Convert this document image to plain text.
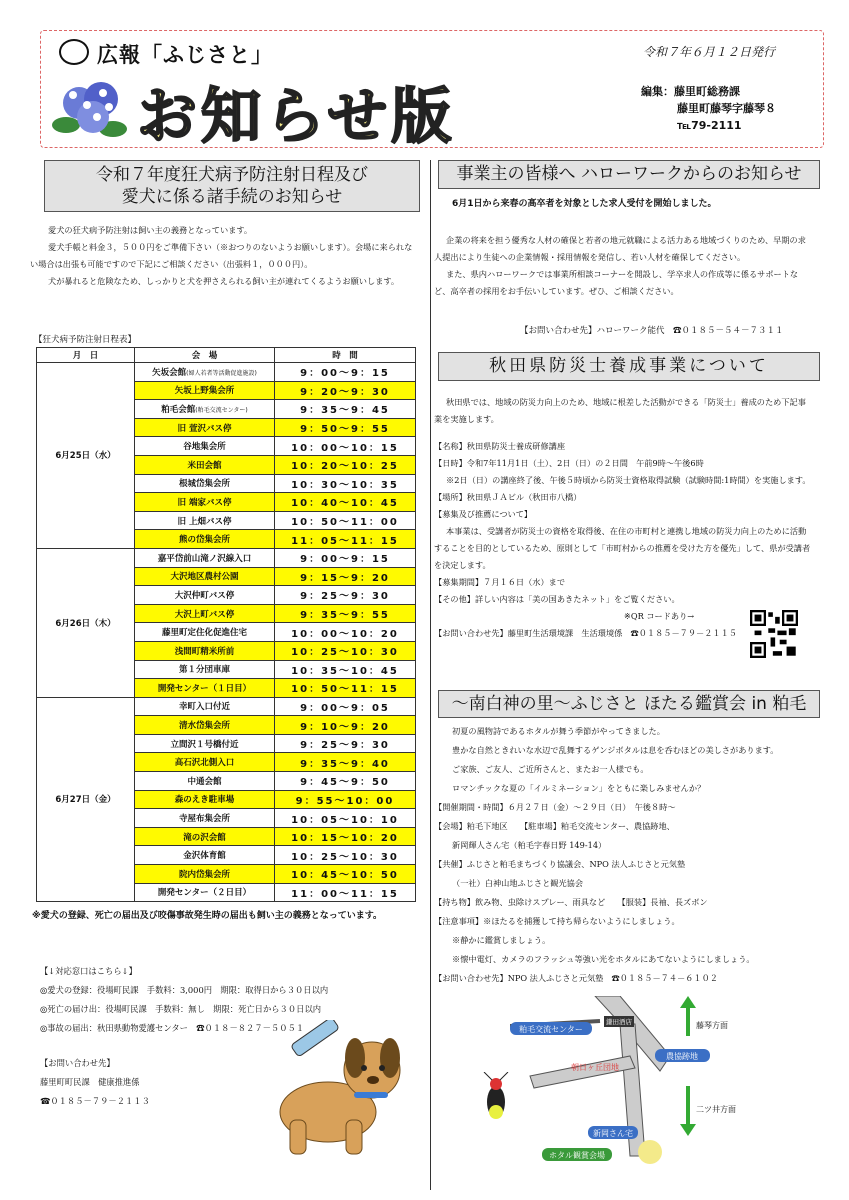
広報「ふじさと」
お知らせ版
令和７年６月１２日発行
編集：藤里町総務課
藤里町藤琴字藤琴８
℡79-2111
令和７年度狂犬病予防注射日程及び
愛犬に係る諸手続のお知らせ

愛犬の狂犬病予防注射は飼い主の義務となっています。

愛犬手帳と料金３，５００円をご準備下さい（※おつりのないようお願いします）。会場に来られない場合は出張も可能ですので下記にご相談ください（出張料１，０００円）。

犬が暴れると危険なため、しっかりと犬を押さえられる飼い主が連れてくるようお願いします。

【狂犬病予防注射日程表】
月　日	会　場	時　間
6月25日（水）	矢坂会館(婦人若者等活動促進施設)	9：00～9：15
	矢坂上野集会所	9：20～9：30
	粕毛会館(粕毛交流センター)	9：35～9：45
	旧 萱沢バス停	9：50～9：55
	谷地集会所	10：00～10：15
	米田会館	10：20～10：25
	根城岱集会所	10：30～10：35
	旧 端家バス停	10：40～10：45
	旧 上畑バス停	10：50～11：00
	熊の岱集会所	11：05～11：15
6月26日（木）	嘉平岱前山滝ノ沢線入口	9：00～9：15
	大沢地区農村公園	9：15～9：20
	大沢仲町バス停	9：25～9：30
	大沢上町バス停	9：35～9：55
	藤里町定住化促進住宅	10：00～10：20
	浅間町精米所前	10：25～10：30
	第１分団車庫	10：35～10：45
	開発センター（１日目）	10：50～11：15
6月27日（金）	幸町入口付近	9：00～9：05
	清水岱集会所	9：10～9：20
	立間沢１号橋付近	9：25～9：30
	高石沢北側入口	9：35～9：40
	中通会館	9：45～9：50
	森のえき駐車場	9：55～10：00
	寺屋布集会所	10：05～10：10
	滝の沢会館	10：15～10：20
	金沢体育館	10：25～10：30
	院内岱集会所	10：45～10：50
	開発センター（２日目）	11：00～11：15
※愛犬の登録、死亡の届出及び咬傷事故発生時の届出も飼い主の義務となっています。
【↓対応窓口はこちら↓】
◎愛犬の登録：役場町民課　手数料：3,000円　期限：取得日から３０日以内
◎死亡の届け出：役場町民課　手数料：無し　期限：死亡日から３０日以内
◎事故の届出：秋田県動物愛護センター　☎０１８－８２７－５０５１
【お問い合わせ先】
藤里町町民課　健康推進係
☎０１８５－７９－２１１３
事業主の皆様へ ハローワークからのお知らせ
6月1日から来春の高卒者を対象とした求人受付を開始しました。

企業の将来を担う優秀な人材の確保と若者の地元就職による活力ある地域づくりのため、早期の求人提出により生徒への企業情報・採用情報を発信し、若い人材を確保してください。

また、県内ハローワークでは事業所相談コーナーを開設し、学卒求人の作成等に係るサポートなど、高卒者の採用をお手伝いしています。ぜひ、ご相談ください。

【お問い合わせ先】ハローワーク能代　☎０１８５－５４－７３１１
秋田県防災士養成事業について

秋田県では、地域の防災力向上のため、地域に根差した活動ができる「防災士」養成のため下記事業を実施します。

【名称】秋田県防災士養成研修講座

【日時】令和7年11月1日（土）、2日（日）の２日間　午前9時～午後6時

※2日（日）の講座終了後、午後５時頃から防災士資格取得試験（試験時間:1時間）を実施します。

【場所】秋田県ＪＡビル（秋田市八橋）

【募集及び推薦について】

本事業は、受講者が防災士の資格を取得後、在住の市町村と連携し地域の防災力向上のために活動することを目的としているため、原則として「市町村からの推薦を受けた方を優先」して、県が受講者を決定します。

【募集期間】７月１６日（水）まで

【その他】詳しい内容は「美の国あきたネット」をご覧ください。

※QR コードあり→

【お問い合わせ先】藤里町生活環境課　生活環境係　☎０１８５－７９－２１１５

～南白神の里～ふじさと ほたる鑑賞会 in 粕毛

初夏の風物詩であるホタルが舞う季節がやってきました。

豊かな自然ときれいな水辺で乱舞するゲンジボタルは息を呑むほどの美しさがあります。

ご家族、ご友人、ご近所さんと、またお一人様でも。

ロマンチックな夏の「イルミネーション」をともに楽しみませんか？

【開催期間・時間】６月２７日（金）～２９日（日）　午後８時～

【会場】粕毛下地区　　【駐車場】粕毛交流センター、農協跡地、

新岡輝人さん宅（粕毛字春日野 149-14）

【共催】ふじさと粕毛まちづくり協議会、NPO 法人ふじさと元気塾

（一社）白神山地ふじさと観光協会

【持ち物】飲み物、虫除けスプレー、雨具など　　【服装】長袖、長ズボン

【注意事項】※ほたるを捕獲して持ち帰らないようにしましょう。

※静かに鑑賞しましょう。

※懐中電灯、カメラのフラッシュ等強い光をホタルにあてないようにしましょう。

【お問い合わせ先】NPO 法人ふじさと元気塾　☎０１８５－７４－６１０２

粕毛交流センター
鎌田酒店
朝日ヶ丘団地
藤琴方面
農協跡地
二ツ井方面
新岡さん宅
ホタル観賞会場
